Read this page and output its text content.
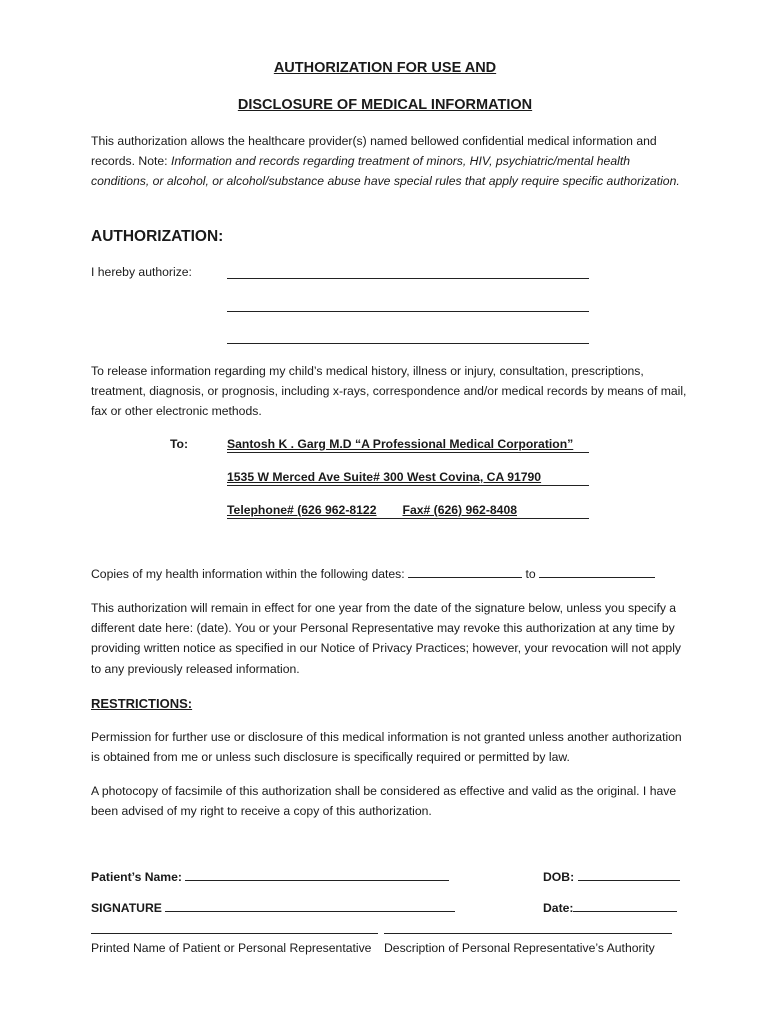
AUTHORIZATION FOR USE AND
DISCLOSURE OF MEDICAL INFORMATION
This authorization allows the healthcare provider(s) named bellowed confidential medical information and records. Note: Information and records regarding treatment of minors, HIV, psychiatric/mental health conditions, or alcohol, or alcohol/substance abuse have special rules that apply require specific authorization.
AUTHORIZATION:
I hereby authorize:
To release information regarding my child’s medical history, illness or injury, consultation, prescriptions, treatment, diagnosis, or prognosis, including x-rays, correspondence and/or medical records by means of mail, fax or other electronic methods.
To:	Santosh K . Garg M.D “A Professional Medical Corporation”
1535 W Merced Ave Suite# 300 West Covina, CA 91790
Telephone# (626 962-8122 Fax# (626) 962-8408
Copies of my health information within the following dates:	to
This authorization will remain in effect for one year from the date of the signature below, unless you specify a different date here: (date). You or your Personal Representative may revoke this authorization at any time by providing written notice as specified in our Notice of Privacy Practices; however, your revocation will not apply to any previously released information.
RESTRICTIONS:
Permission for further use or disclosure of this medical information is not granted unless another authorization is obtained from me or unless such disclosure is specifically required or permitted by law.
A photocopy of facsimile of this authorization shall be considered as effective and valid as the original. I have been advised of my right to receive a copy of this authorization.
Patient’s Name:	DOB:
SIGNATURE	Date:
Printed Name of Patient or Personal Representative Description of Personal Representative’s Authority
